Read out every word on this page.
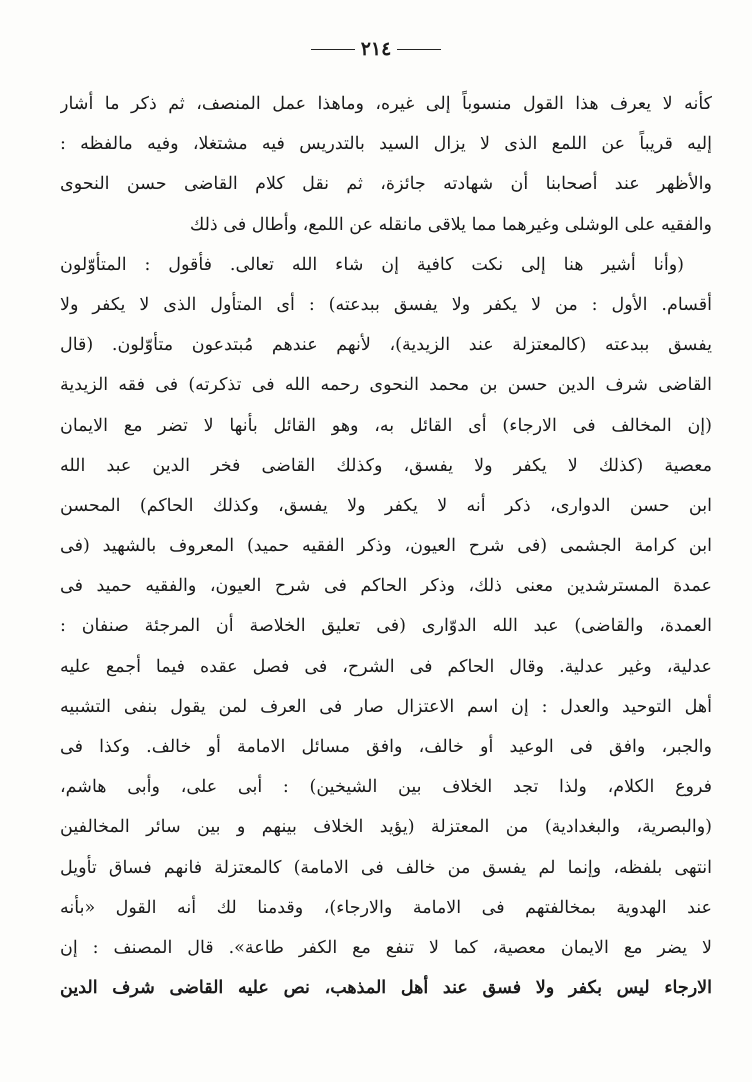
٢١٤
كأنه لا يعرف هذا القول منسوباً إلى غيره، وماهذا عمل المنصف، ثم ذكر ما أشار
إليه قريباً عن اللمع الذى لا يزال السيد بالتدريس فيه مشتغلا، وفيه مالفظه :
والأظهر عند أصحابنا أن شهادته جائزة، ثم نقل كلام القاضى حسن النحوى
والفقيه على الوشلى وغيرهما مما يلاقى مانقله عن اللمع، وأطال فى ذلك
(وأنا أشير هنا إلى نكت كافية إن شاء الله تعالى. فأقول : المتأوّلون
أقسام. الأول : من لا يكفر ولا يفسق ببدعته) : أى المتأول الذى لا يكفر ولا
يفسق ببدعته (كالمعتزلة عند الزيدية)، لأنهم عندهم مُبتدعون متأوّلون. (قال
القاضى شرف الدين حسن بن محمد النحوى رحمه الله فى تذكرته) فى فقه الزيدية
(إن المخالف فى الارجاء) أى القائل به، وهو القائل بأنها لا تضر مع الايمان
معصية (كذلك لا يكفر ولا يفسق، وكذلك القاضى فخر الدين عبد الله
ابن حسن الدوارى، ذكر أنه لا يكفر ولا يفسق، وكذلك الحاكم) المحسن
ابن كرامة الجشمى (فى شرح العيون، وذكر الفقيه حميد) المعروف بالشهيد (فى
عمدة المسترشدين معنى ذلك، وذكر الحاكم فى شرح العيون، والفقيه حميد فى
العمدة، والقاضى) عبد الله الدوّارى (فى تعليق الخلاصة أن المرجئة صنفان :
عدلية، وغير عدلية. وقال الحاكم فى الشرح، فى فصل عقده فيما أجمع عليه
أهل التوحيد والعدل : إن اسم الاعتزال صار فى العرف لمن يقول بنفى التشبيه
والجبر، وافق فى الوعيد أو خالف، وافق مسائل الامامة أو خالف. وكذا فى
فروع الكلام، ولذا تجد الخلاف بين الشيخين) : أبى على، وأبى هاشم،
(والبصرية، والبغدادية) من المعتزلة (يؤيد الخلاف بينهم و بين سائر المخالفين
انتهى بلفظه، وإنما لم يفسق من خالف فى الامامة) كالمعتزلة فانهم فساق تأويل
عند الهدوية بمخالفتهم فى الامامة والارجاء)، وقدمنا لك أنه القول «بأنه
لا يضر مع الايمان معصية، كما لا تنفع مع الكفر طاعة». قال المصنف : إن
الارجاء ليس بكفر ولا فسق عند أهل المذهب، نص عليه القاضى شرف الدين
